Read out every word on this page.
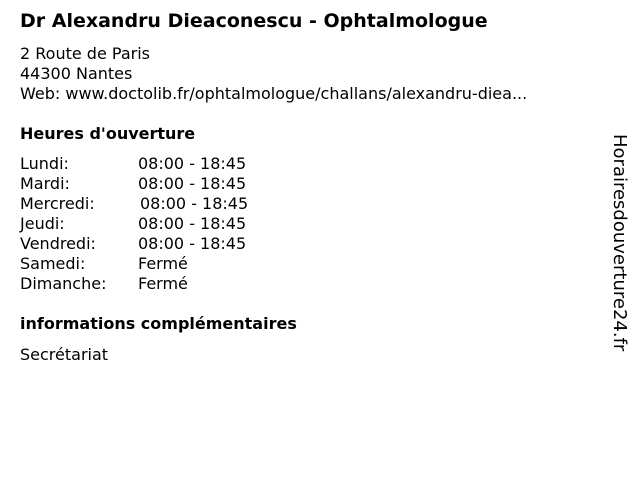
Dr Alexandru Dieaconescu - Ophtalmologue
2 Route de Paris
44300 Nantes
Web: www.doctolib.fr/ophtalmologue/challans/alexandru-diea...
Heures d'ouverture
Lundi:	08:00 - 18:45
Mardi:	08:00 - 18:45
Mercredi:	08:00 - 18:45
Jeudi:	08:00 - 18:45
Vendredi:	08:00 - 18:45
Samedi:	Fermé
Dimanche: Fermé
informations complémentaires
Secrétariat
Horairesdouverture24.fr
